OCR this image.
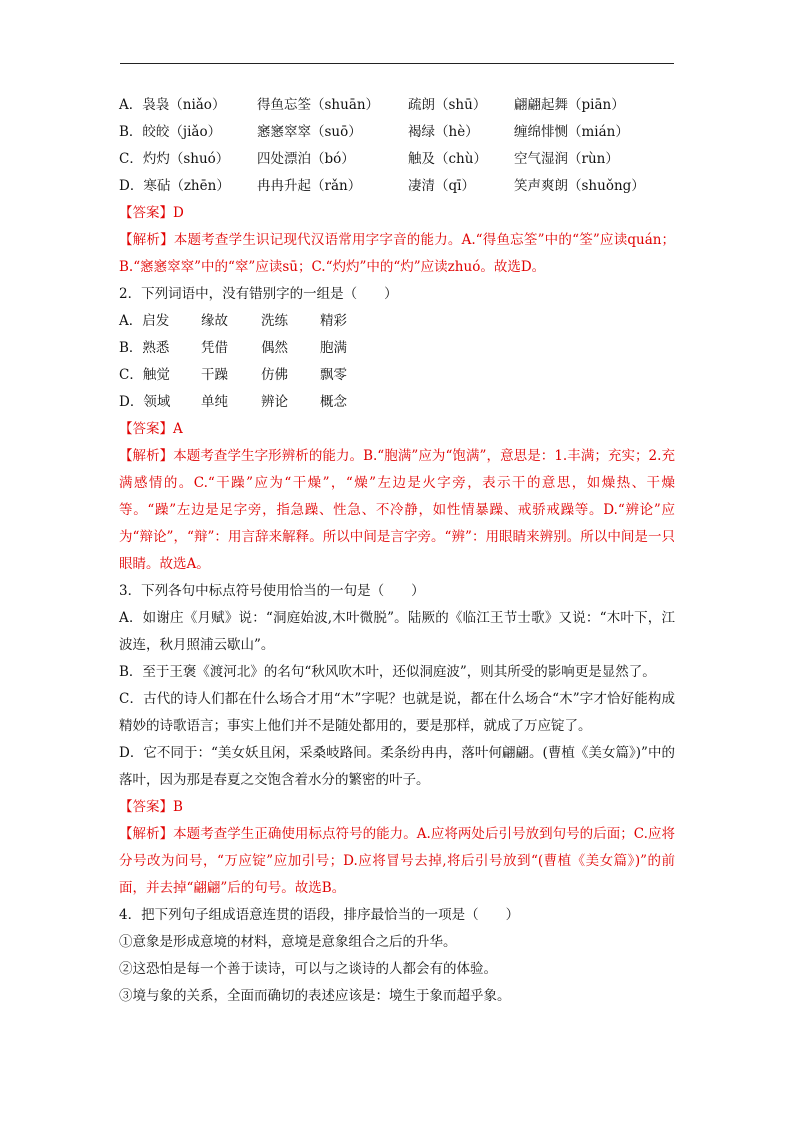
A．袅袅（niǎo） 得鱼忘筌（shuān） 疏朗（shū） 翩翩起舞（piān）
B．皎皎（jiǎo）	窸窸窣窣（suō）	褐绿（hè）	缠绵悱恻（mián）
C．灼灼（shuó） 四处漂泊（bó）	触及（chù） 空气湿润（rùn）
D．寒砧（zhēn） 冉冉升起（rǎn）	凄清（qī）	笑声爽朗（shuǒng）
【答案】D
【解析】本题考查学生识记现代汉语常用字字音的能力。A.“得鱼忘筌”中的“筌”应读quán；B.“窸窸窣窣”中的“窣”应读sū；C.“灼灼”中的“灼”应读zhuó。故选D。
2．下列词语中，没有错别字的一组是（　　）
A．启发 缘故 洗练 精彩
B．熟悉 凭借 偶然 胞满
C．触觉 干躁 仿佛 飘零
D．领域 单纯 辨论 概念
【答案】A
【解析】本题考查学生字形辨析的能力。B.“胞满”应为“饱满”，意思是：1.丰满；充实；2.充满感情的。C.“干躁”应为“干燥”，“燥”左边是火字旁，表示干的意思，如燥热、干燥等。“躁”左边是足字旁，指急躁、性急、不冷静，如性情暴躁、戒骄戒躁等。D.“辨论”应为“辩论”，“辩”：用言辞来解释。所以中间是言字旁。“辨”：用眼睛来辨别。所以中间是一只眼睛。故选A。
3．下列各句中标点符号使用恰当的一句是（　　）
A．如谢庄《月赋》说：“洞庭始波,木叶微脱”。陆厥的《临江王节士歌》又说：“木叶下，江波连，秋月照浦云歇山”。
B．至于王褒《渡河北》的名句“秋风吹木叶，还似洞庭波”，则其所受的影响更是显然了。
C．古代的诗人们都在什么场合才用“木”字呢？也就是说，都在什么场合“木”字才恰好能构成精妙的诗歌语言；事实上他们并不是随处都用的，要是那样，就成了万应锭了。
D．它不同于：“美女妖且闲，采桑岐路间。柔条纷冉冉，落叶何翩翩。(曹植《美女篇》)”中的落叶，因为那是春夏之交饱含着水分的繁密的叶子。
【答案】B
【解析】本题考查学生正确使用标点符号的能力。A.应将两处后引号放到句号的后面；C.应将分号改为问号，“万应锭”应加引号；D.应将冒号去掉,将后引号放到“(曹植《美女篇》)”的前面，并去掉“翩翩”后的句号。故选B。
4．把下列句子组成语意连贯的语段，排序最恰当的一项是（　　）
①意象是形成意境的材料，意境是意象组合之后的升华。
②这恐怕是每一个善于读诗，可以与之谈诗的人都会有的体验。
③境与象的关系，全面而确切的表述应该是：境生于象而超乎象。
